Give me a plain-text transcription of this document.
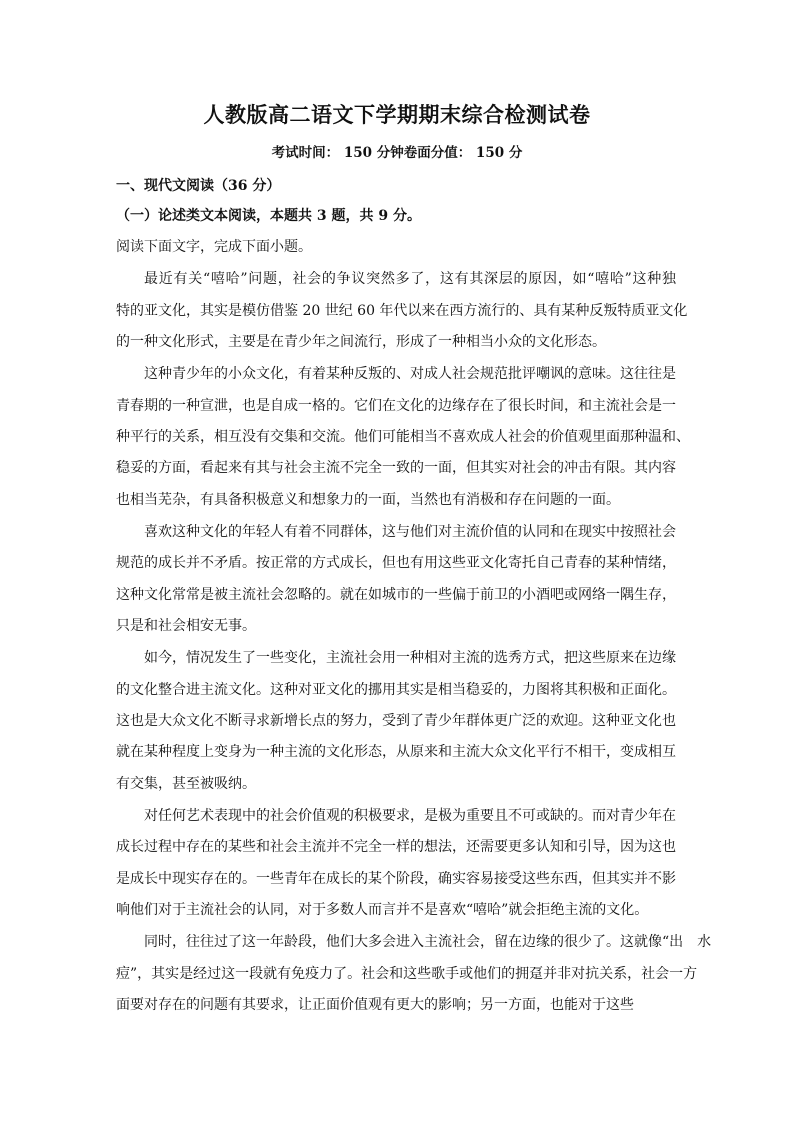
人教版高二语文下学期期末综合检测试卷

考试时间： 150 分钟卷面分值： 150 分

一、现代文阅读（36 分）

（一）论述类文本阅读，本题共 3 题，共 9 分。

阅读下面文字，完成下面小题。

最近有关“嘻哈”问题，社会的争议突然多了，这有其深层的原因，如“嘻哈”这种独

特的亚文化，其实是模仿借鉴 20 世纪 60 年代以来在西方流行的、具有某种反叛特质亚文化

的一种文化形式，主要是在青少年之间流行，形成了一种相当小众的文化形态。

这种青少年的小众文化，有着某种反叛的、对成人社会规范批评嘲讽的意味。这往往是

青春期的一种宣泄，也是自成一格的。它们在文化的边缘存在了很长时间，和主流社会是一

种平行的关系，相互没有交集和交流。他们可能相当不喜欢成人社会的价值观里面那种温和、

稳妥的方面，看起来有其与社会主流不完全一致的一面，但其实对社会的冲击有限。其内容

也相当芜杂，有具备积极意义和想象力的一面，当然也有消极和存在问题的一面。

喜欢这种文化的年轻人有着不同群体，这与他们对主流价值的认同和在现实中按照社会

规范的成长并不矛盾。按正常的方式成长，但也有用这些亚文化寄托自己青春的某种情绪，

这种文化常常是被主流社会忽略的。就在如城市的一些偏于前卫的小酒吧或网络一隅生存，

只是和社会相安无事。

如今，情况发生了一些变化，主流社会用一种相对主流的选秀方式，把这些原来在边缘

的文化整合进主流文化。这种对亚文化的挪用其实是相当稳妥的，力图将其积极和正面化。

这也是大众文化不断寻求新增长点的努力，受到了青少年群体更广泛的欢迎。这种亚文化也

就在某种程度上变身为一种主流的文化形态，从原来和主流大众文化平行不相干，变成相互

有交集，甚至被吸纳。

对任何艺术表现中的社会价值观的积极要求，是极为重要且不可或缺的。而对青少年在

成长过程中存在的某些和社会主流并不完全一样的想法，还需要更多认知和引导，因为这也

是成长中现实存在的。一些青年在成长的某个阶段，确实容易接受这些东西，但其实并不影

响他们对于主流社会的认同，对于多数人而言并不是喜欢“嘻哈”就会拒绝主流的文化。

同时，往往过了这一年龄段，他们大多会进入主流社会，留在边缘的很少了。这就像“出　水

痘”，其实是经过这一段就有免疫力了。社会和这些歌手或他们的拥趸并非对抗关系，社会一方

面要对存在的问题有其要求，让正面价值观有更大的影响；另一方面，也能对于这些
